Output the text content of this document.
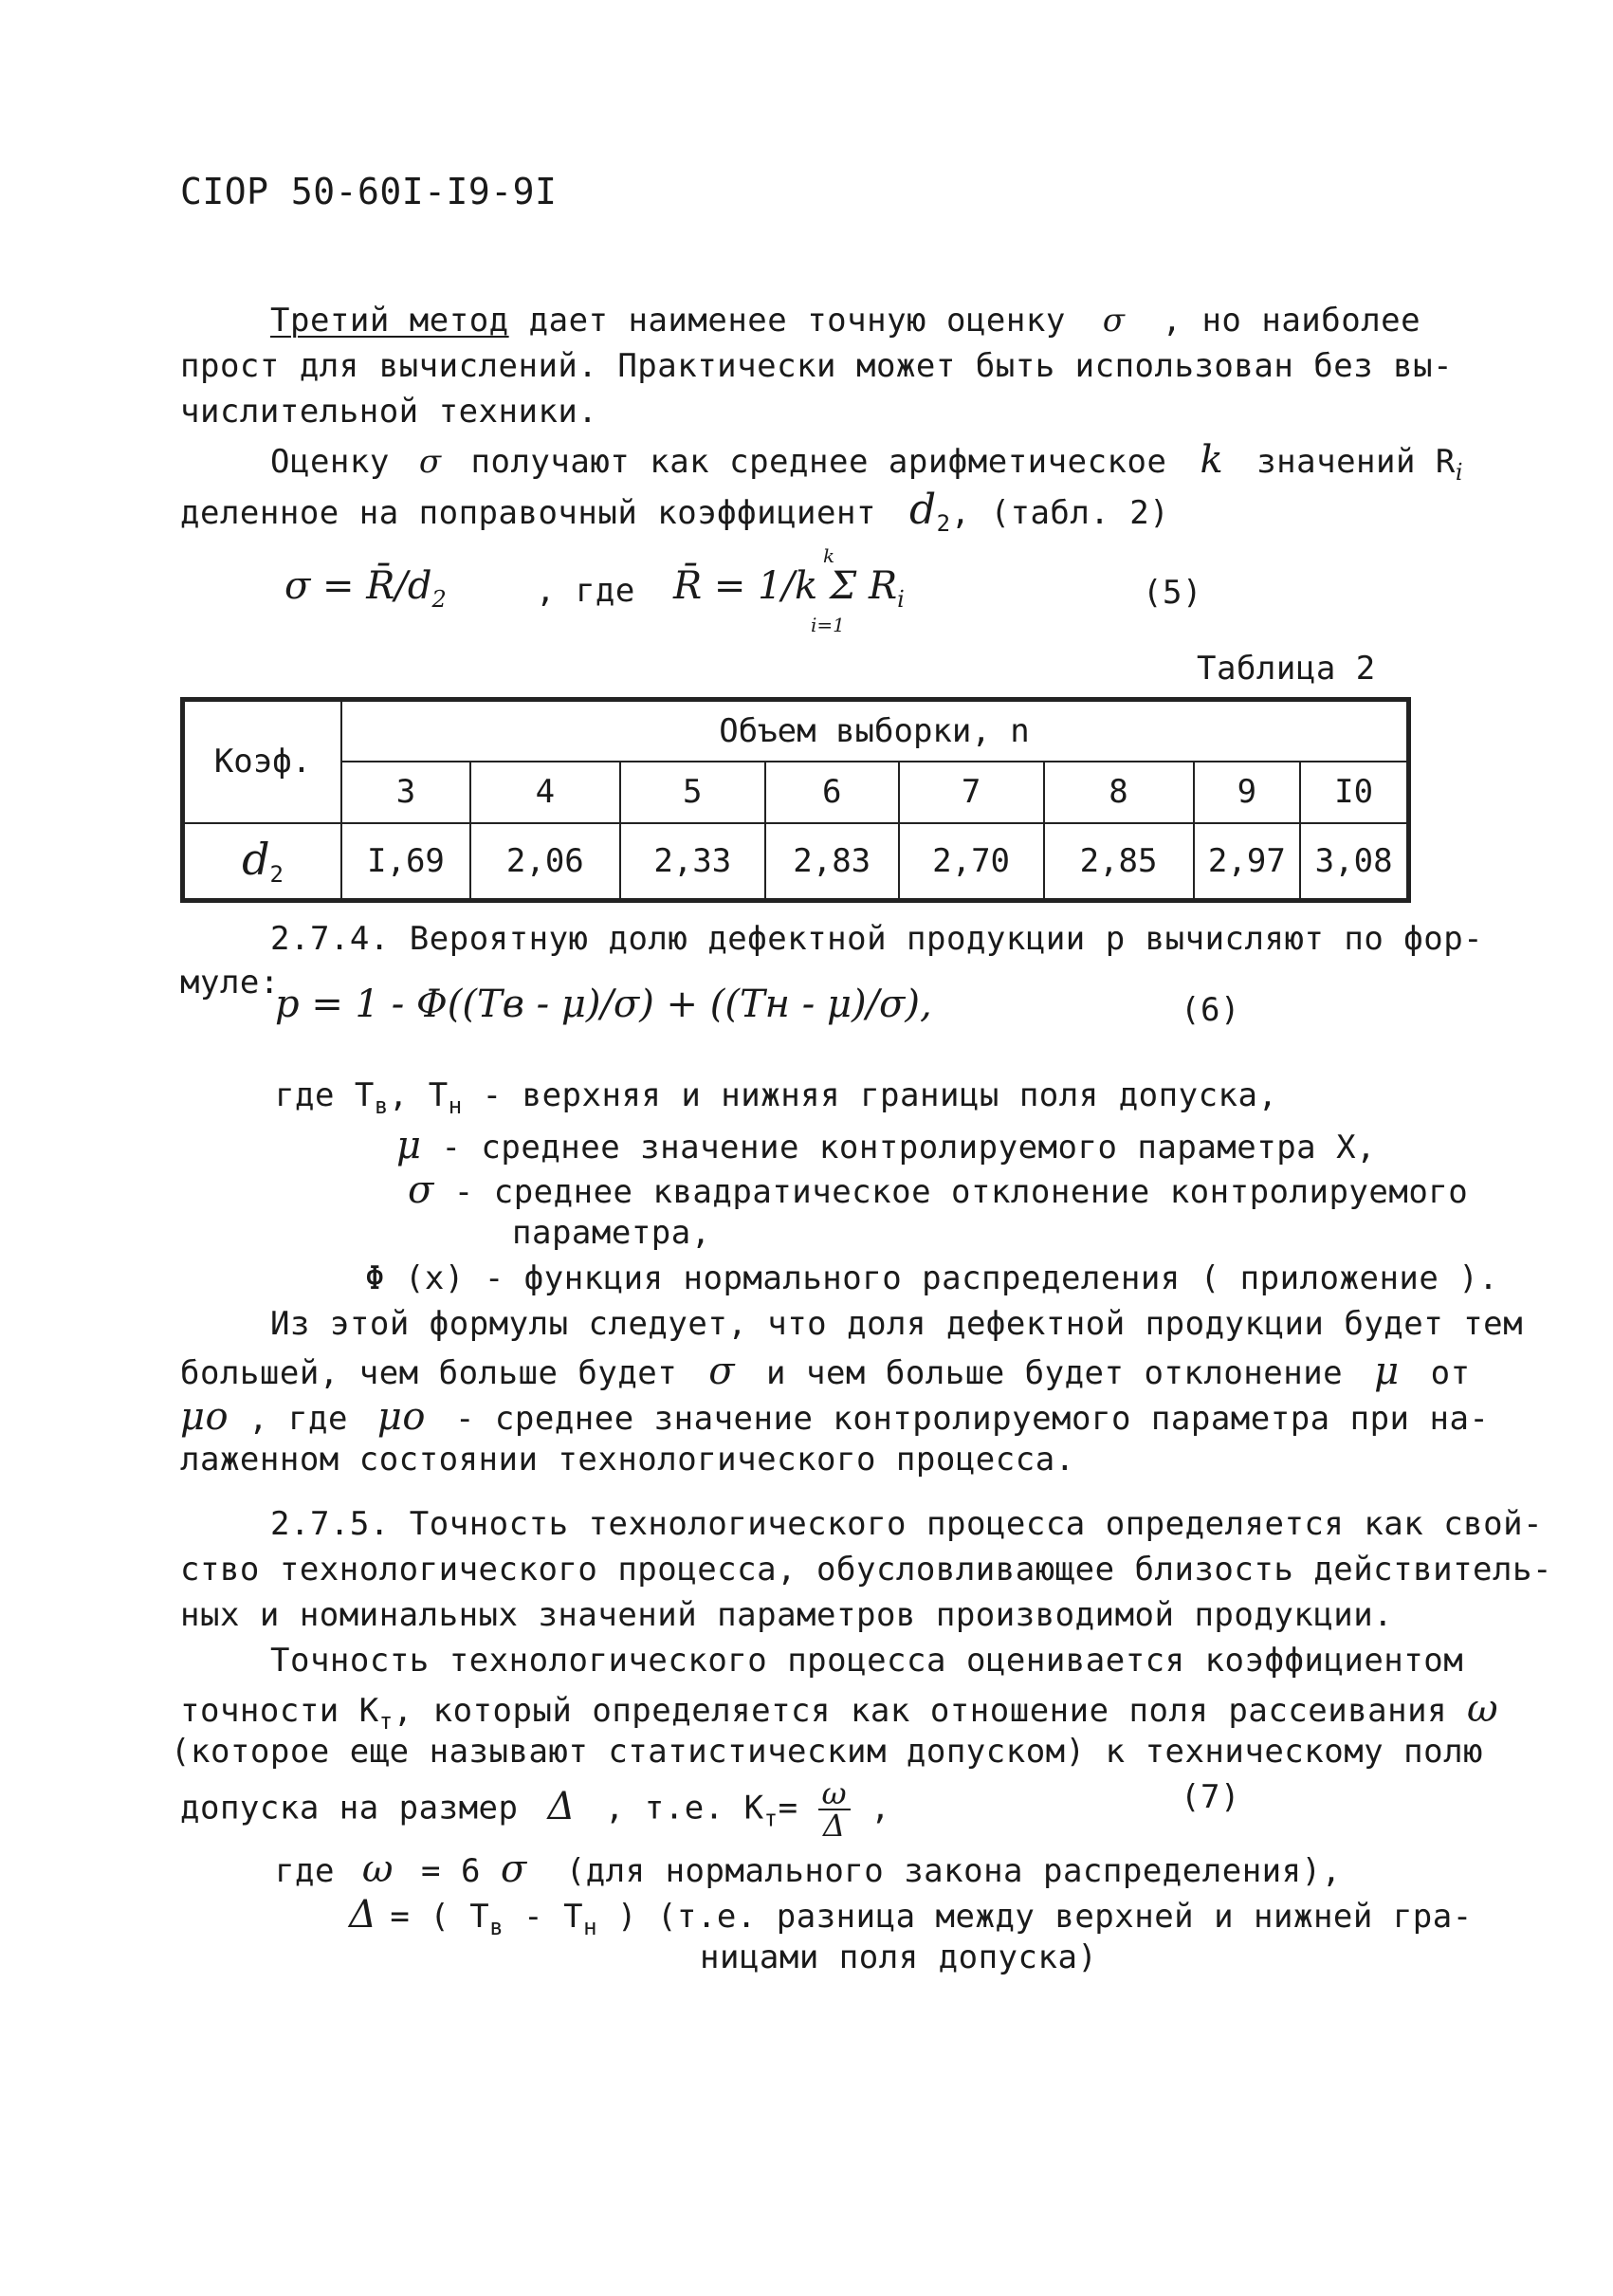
СIОР 50-60I-I9-9I
Третий метод дает наименее точную оценку σ , но наиболее
прост для вычислений. Практически может быть использован без вы-
числительной техники.
Оценку σ получают как среднее арифметическое k значений $R_i$
деленное на поправочный коэффициент $d_2$, (табл. 2)
$\sigma = R̄/d_2$	, где R̄ = 1/k Σ $R_i$
k
i=1
(5)
Таблица 2
Коэф.	Объем выборки, n							
	3	4	5	6	7	8	9	I0
$d_2$	I,69	2,06	2,33	2,83	2,70	2,85	2,97	3,08
2.7.4. Вероятную долю дефектной продукции p вычисляют по фор-
муле:
p = 1 - Φ((Tв - μ)/σ) + ((Tн - μ)/σ),	(6)
где $T_в$, $T_н$ - верхняя и нижняя границы поля допуска,
μ - среднее значение контролируемого параметра X,
σ - среднее квадратическое отклонение контролируемого
параметра,
Φ (x) - функция нормального распределения ( приложение ).
Из этой формулы следует, что доля дефектной продукции будет тем
большей, чем больше будет σ и чем больше будет отклонение μ от
μo , где μo - среднее значение контролируемого параметра при на-
лаженном состоянии технологического процесса.
2.7.5. Точность технологического процесса определяется как свой-
ство технологического процесса, обусловливающее близость действитель-
ных и номинальных значений параметров производимой продукции.
Точность технологического процесса оценивается коэффициентом
точности $K_т$, который определяется как отношение поля рассеивания ω
(которое еще называют статистическим допуском) к техническому полю
допуска на размер Δ , т.е. $K_т= \frac{\omega}{\Delta}$ ,	(7)
где ω = 6 σ (для нормального закона распределения),
Δ = ( $T_в - T_н$ ) (т.е. разница между верхней и нижней гра-
ницами поля допуска)
